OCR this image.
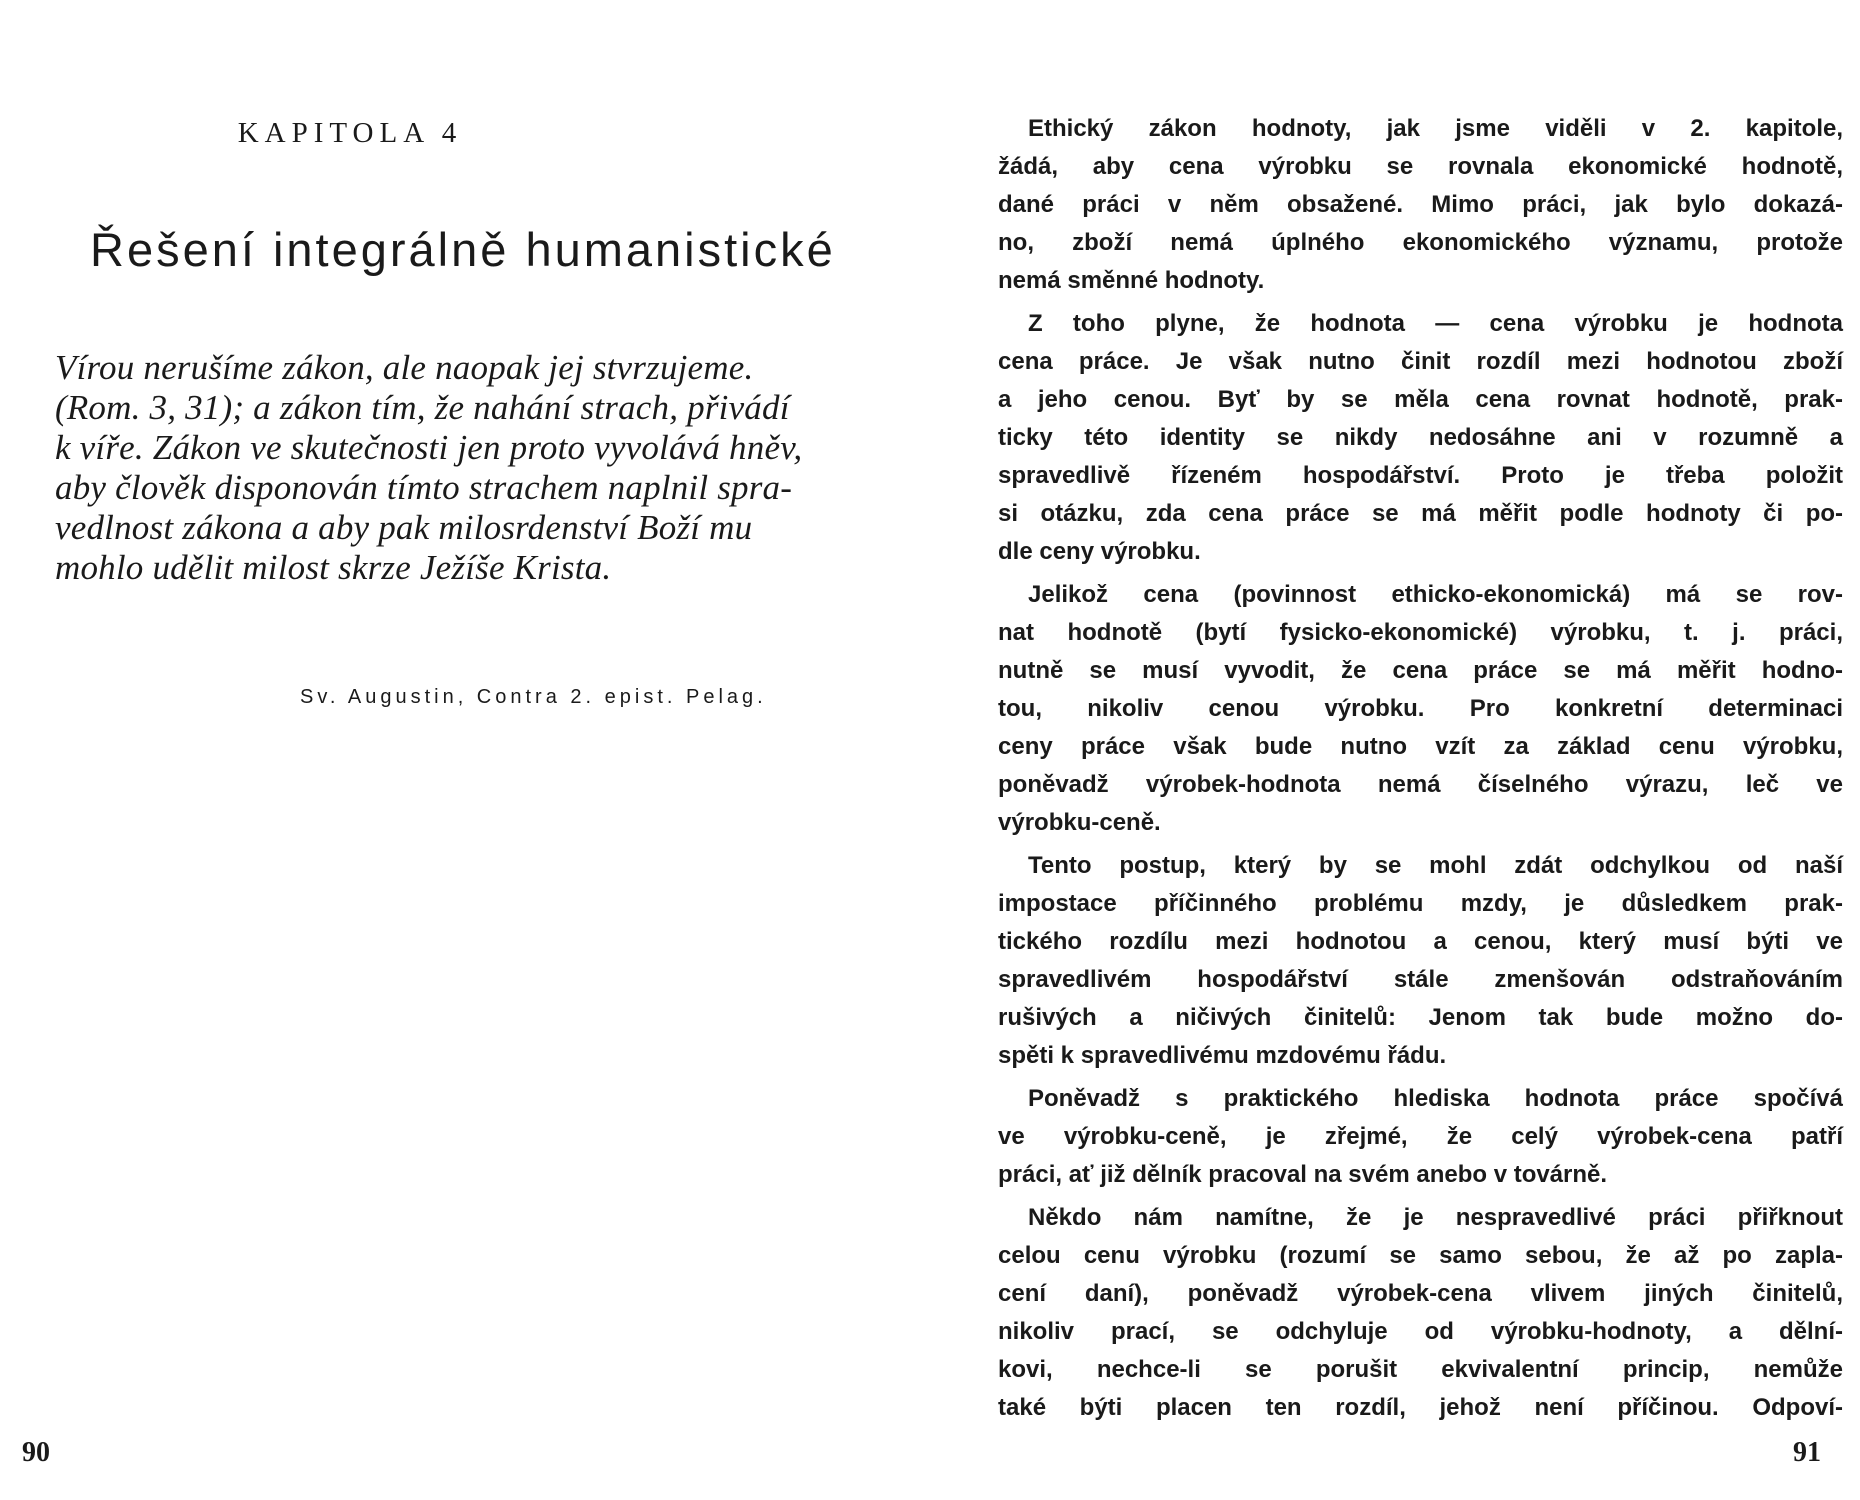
KAPITOLA 4
Řešení integrálně humanistické
Vírou nerušíme zákon, ale naopak jej stvrzujeme.
(Rom. 3, 31); a zákon tím, že nahání strach, přivádí
k víře. Zákon ve skutečnosti jen proto vyvolává hněv,
aby člověk disponován tímto strachem naplnil spra-
vedlnost zákona a aby pak milosrdenství Boží mu
mohlo udělit milost skrze Ježíše Krista.

Sv. Augustin, Contra 2. epist. Pelag.

90

Ethický zákon hodnoty, jak jsme viděli v 2. kapitole,
žádá, aby cena výrobku se rovnala ekonomické hodnotě,
dané práci v něm obsažené. Mimo práci, jak bylo dokazá-
no, zboží nemá úplného ekonomického významu, protože
nemá směnné hodnoty.
Z toho plyne, že hodnota — cena výrobku je hodnota
cena práce. Je však nutno činit rozdíl mezi hodnotou zboží
a jeho cenou. Byť by se měla cena rovnat hodnotě, prak-
ticky této identity se nikdy nedosáhne ani v rozumně a
spravedlivě řízeném hospodářství. Proto je třeba položit
si otázku, zda cena práce se má měřit podle hodnoty či po-
dle ceny výrobku.
Jelikož cena (povinnost ethicko-ekonomická) má se rov-
nat hodnotě (bytí fysicko-ekonomické) výrobku, t. j. práci,
nutně se musí vyvodit, že cena práce se má měřit hodno-
tou, nikoliv cenou výrobku. Pro konkretní determinaci
ceny práce však bude nutno vzít za základ cenu výrobku,
poněvadž výrobek-hodnota nemá číselného výrazu, leč ve
výrobku-ceně.
Tento postup, který by se mohl zdát odchylkou od naší
impostace příčinného problému mzdy, je důsledkem prak-
tického rozdílu mezi hodnotou a cenou, který musí býti ve
spravedlivém hospodářství stále zmenšován odstraňováním
rušivých a ničivých činitelů: Jenom tak bude možno do-
spěti k spravedlivému mzdovému řádu.
Poněvadž s praktického hlediska hodnota práce spočívá
ve výrobku-ceně, je zřejmé, že celý výrobek-cena patří
práci, ať již dělník pracoval na svém anebo v továrně.
Někdo nám namítne, že je nespravedlivé práci přiřknout
celou cenu výrobku (rozumí se samo sebou, že až po zapla-
cení daní), poněvadž výrobek-cena vlivem jiných činitelů,
nikoliv prací, se odchyluje od výrobku-hodnoty, a dělní-
kovi, nechce-li se porušit ekvivalentní princip, nemůže
také býti placen ten rozdíl, jehož není příčinou. Odpoví-

91
